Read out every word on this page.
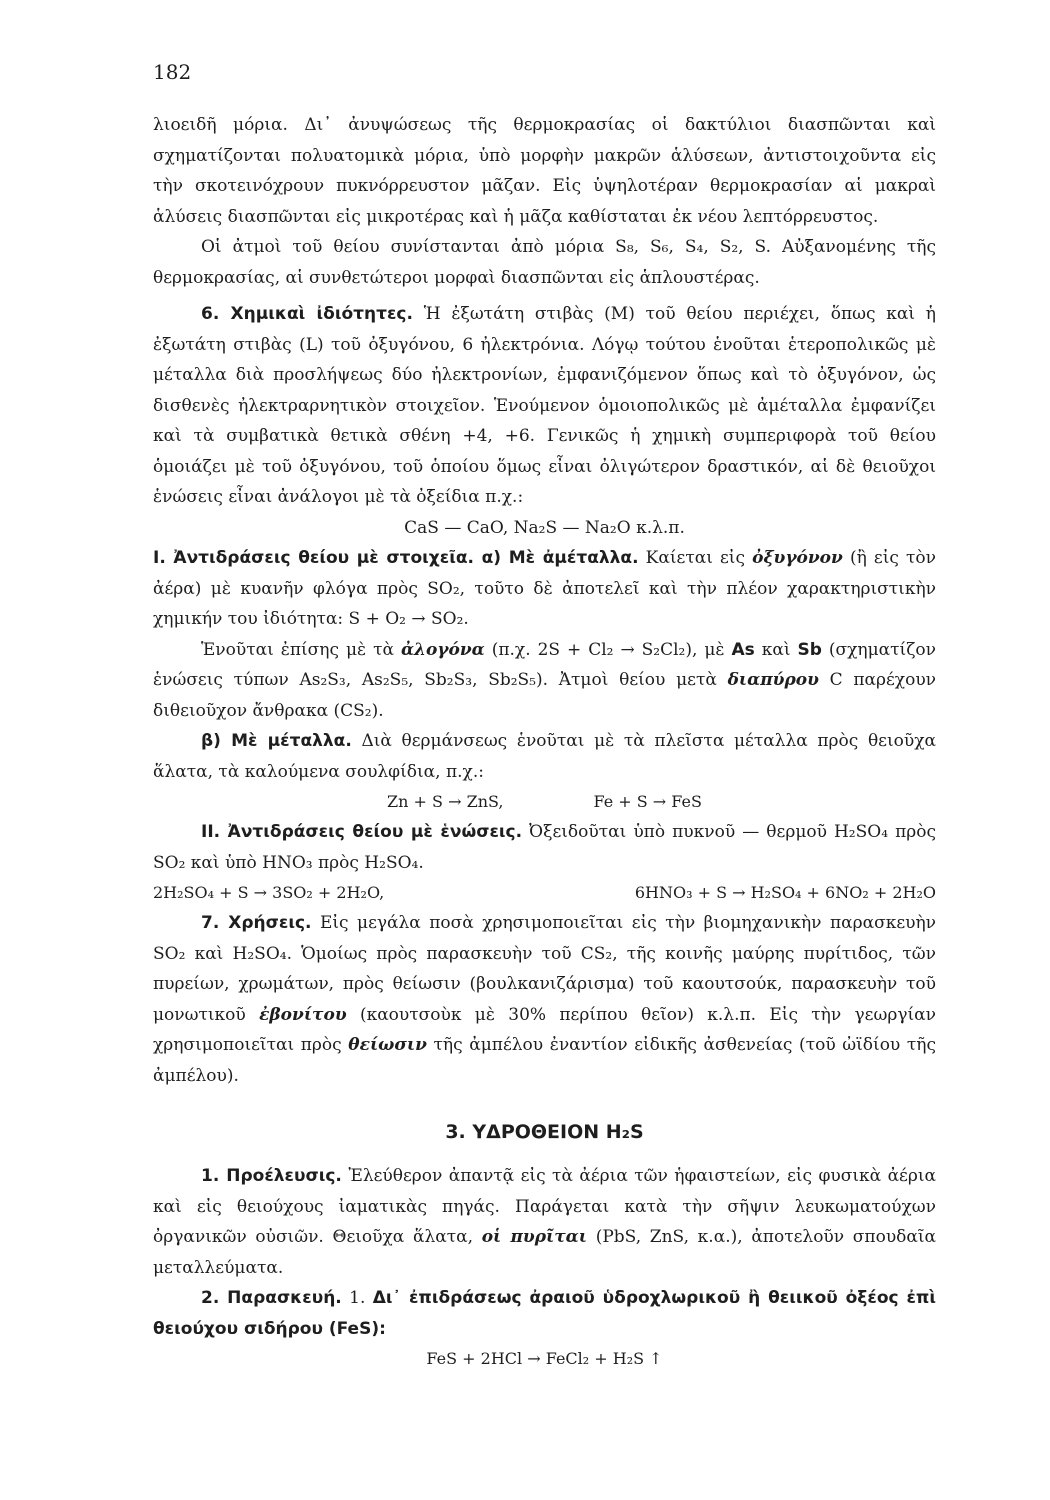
182

λιοειδῆ μόρια. Δι᾿ ἀνυψώσεως τῆς θερμοκρασίας οἱ δακτύλιοι διασπῶνται καὶ σχηματίζονται πολυατομικὰ μόρια, ὑπὸ μορφὴν μακρῶν ἁλύσεων, ἀντιστοιχοῦντα εἰς τὴν σκοτεινόχρουν πυκνόρρευστον μᾶζαν. Εἰς ὑψηλοτέραν θερμοκρασίαν αἱ μακραὶ ἁλύσεις διασπῶνται εἰς μικροτέρας καὶ ἡ μᾶζα καθίσταται ἐκ νέου λεπτόρρευστος.

Οἱ ἀτμοὶ τοῦ θείου συνίστανται ἀπὸ μόρια S₈, S₆, S₄, S₂, S. Αὐξανομένης τῆς θερμοκρασίας, αἱ συνθετώτεροι μορφαὶ διασπῶνται εἰς ἁπλουστέρας.

6. Χημικαὶ ἰδιότητες. Ἡ ἐξωτάτη στιβὰς (M) τοῦ θείου περιέχει, ὅπως καὶ ἡ ἐξωτάτη στιβὰς (L) τοῦ ὀξυγόνου, 6 ἠλεκτρόνια. Λόγῳ τούτου ἑνοῦται ἑτεροπολικῶς μὲ μέταλλα διὰ προσλήψεως δύο ἠλεκτρονίων, ἐμφανιζόμενον ὅπως καὶ τὸ ὀξυγόνον, ὡς δισθενὲς ἠλεκτραρνητικὸν στοιχεῖον. Ἑνούμενον ὁμοιοπολικῶς μὲ ἀμέταλλα ἐμφανίζει καὶ τὰ συμβατικὰ θετικὰ σθένη +4, +6. Γενικῶς ἡ χημικὴ συμπεριφορὰ τοῦ θείου ὁμοιάζει μὲ τοῦ ὀξυγόνου, τοῦ ὁποίου ὅμως εἶναι ὀλιγώτερον δραστικόν, αἱ δὲ θειοῦχοι ἑνώσεις εἶναι ἀνάλογοι μὲ τὰ ὀξείδια π.χ.:

CaS — CaO, Na₂S — Na₂O κ.λ.π.

I. Ἀντιδράσεις θείου μὲ στοιχεῖα. α) Μὲ ἀμέταλλα. Καίεται εἰς ὀξυγόνον (ἢ εἰς τὸν ἀέρα) μὲ κυανῆν φλόγα πρὸς SO₂, τοῦτο δὲ ἀποτελεῖ καὶ τὴν πλέον χαρακτηριστικὴν χημικήν του ἰδιότητα: S + O₂ → SO₂.

Ἑνοῦται ἐπίσης μὲ τὰ ἀλογόνα (π.χ. 2S + Cl₂ → S₂Cl₂), μὲ As καὶ Sb (σχηματίζον ἑνώσεις τύπων As₂S₃, As₂S₅, Sb₂S₃, Sb₂S₅). Ἀτμοὶ θείου μετὰ διαπύρου C παρέχουν διθειοῦχον ἄνθρακα (CS₂).

β) Μὲ μέταλλα. Διὰ θερμάνσεως ἑνοῦται μὲ τὰ πλεῖστα μέταλλα πρὸς θειοῦχα ἅλατα, τὰ καλούμενα σουλφίδια, π.χ.:

Zn + S → ZnS,	Fe + S → FeS

II. Ἀντιδράσεις θείου μὲ ἑνώσεις. Ὀξειδοῦται ὑπὸ πυκνοῦ — θερμοῦ H₂SO₄ πρὸς SO₂ καὶ ὑπὸ HNO₃ πρὸς H₂SO₄.

2H₂SO₄ + S → 3SO₂ + 2H₂O,	6HNO₃ + S → H₂SO₄ + 6NO₂ + 2H₂O

7. Χρήσεις. Εἰς μεγάλα ποσὰ χρησιμοποιεῖται εἰς τὴν βιομηχανικὴν παρασκευὴν SO₂ καὶ H₂SO₄. Ὁμοίως πρὸς παρασκευὴν τοῦ CS₂, τῆς κοινῆς μαύρης πυρίτιδος, τῶν πυρείων, χρωμάτων, πρὸς θείωσιν (βουλκανιζάρισμα) τοῦ καουτσούκ, παρασκευὴν τοῦ μονωτικοῦ ἐβονίτου (καουτσοὺκ μὲ 30% περίπου θεῖον) κ.λ.π. Εἰς τὴν γεωργίαν χρησιμοποιεῖται πρὸς θείωσιν τῆς ἀμπέλου ἐναντίον εἰδικῆς ἀσθενείας (τοῦ ὠϊδίου τῆς ἀμπέλου).

3. ΥΔΡΟΘΕΙΟΝ H₂S

1. Προέλευσις. Ἐλεύθερον ἀπαντᾷ εἰς τὰ ἀέρια τῶν ἡφαιστείων, εἰς φυσικὰ ἀέρια καὶ εἰς θειούχους ἰαματικὰς πηγάς. Παράγεται κατὰ τὴν σῆψιν λευκωματούχων ὀργανικῶν οὐσιῶν. Θειοῦχα ἅλατα, οἱ πυρῖται (PbS, ZnS, κ.α.), ἀποτελοῦν σπουδαῖα μεταλλεύματα.

2. Παρασκευή. 1. Δι᾿ ἐπιδράσεως ἀραιοῦ ὑδροχλωρικοῦ ἢ θειικοῦ ὀξέος ἐπὶ θειούχου σιδήρου (FeS):

FeS + 2HCl → FeCl₂ + H₂S ↑
